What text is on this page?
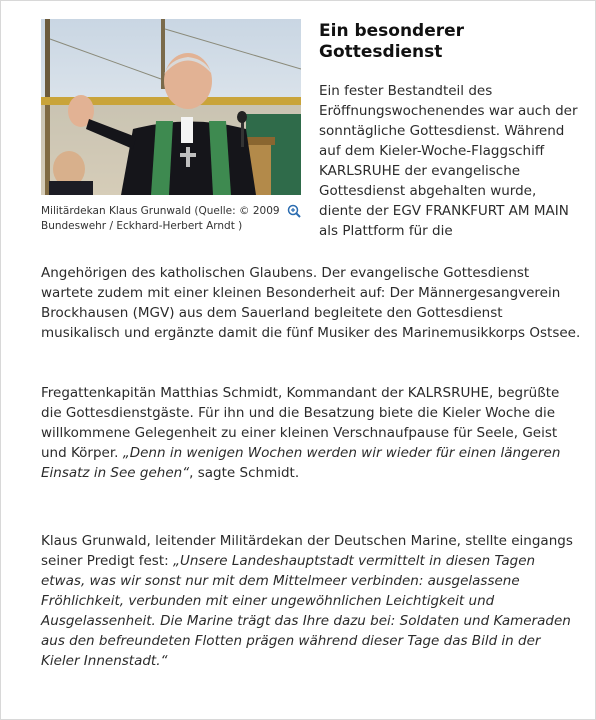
Militärdekan Klaus Grunwald (Quelle: © 2009 Bundeswehr / Eckhard-Herbert Arndt )
Ein besonderer Gottesdienst
Ein fester Bestandteil des Eröffnungswochenendes war auch der sonntägliche Gottesdienst. Während auf dem Kieler-Woche-Flaggschiff KARLSRUHE der evangelische Gottesdienst abgehalten wurde, diente der EGV FRANKFURT AM MAIN als Plattform für die
Angehörigen des katholischen Glaubens. Der evangelische Gottesdienst wartete zudem mit einer kleinen Besonderheit auf: Der Männergesangverein Brockhausen (MGV) aus dem Sauerland begleitete den Gottesdienst musikalisch und ergänzte damit die fünf Musiker des Marinemusikkorps Ostsee.
Fregattenkapitän Matthias Schmidt, Kommandant der KALRSRUHE, begrüßte die Gottesdienstgäste. Für ihn und die Besatzung biete die Kieler Woche die willkommene Gelegenheit zu einer kleinen Verschnaufpause für Seele, Geist und Körper. „Denn in wenigen Wochen werden wir wieder für einen längeren Einsatz in See gehen“, sagte Schmidt.
Klaus Grunwald, leitender Militärdekan der Deutschen Marine, stellte eingangs seiner Predigt fest: „Unsere Landeshauptstadt vermittelt in diesen Tagen etwas, was wir sonst nur mit dem Mittelmeer verbinden: ausgelassene Fröhlichkeit, verbunden mit einer ungewöhnlichen Leichtigkeit und Ausgelassenheit. Die Marine trägt das Ihre dazu bei: Soldaten und Kameraden aus den befreundeten Flotten prägen während dieser Tage das Bild in der Kieler Innenstadt.“
